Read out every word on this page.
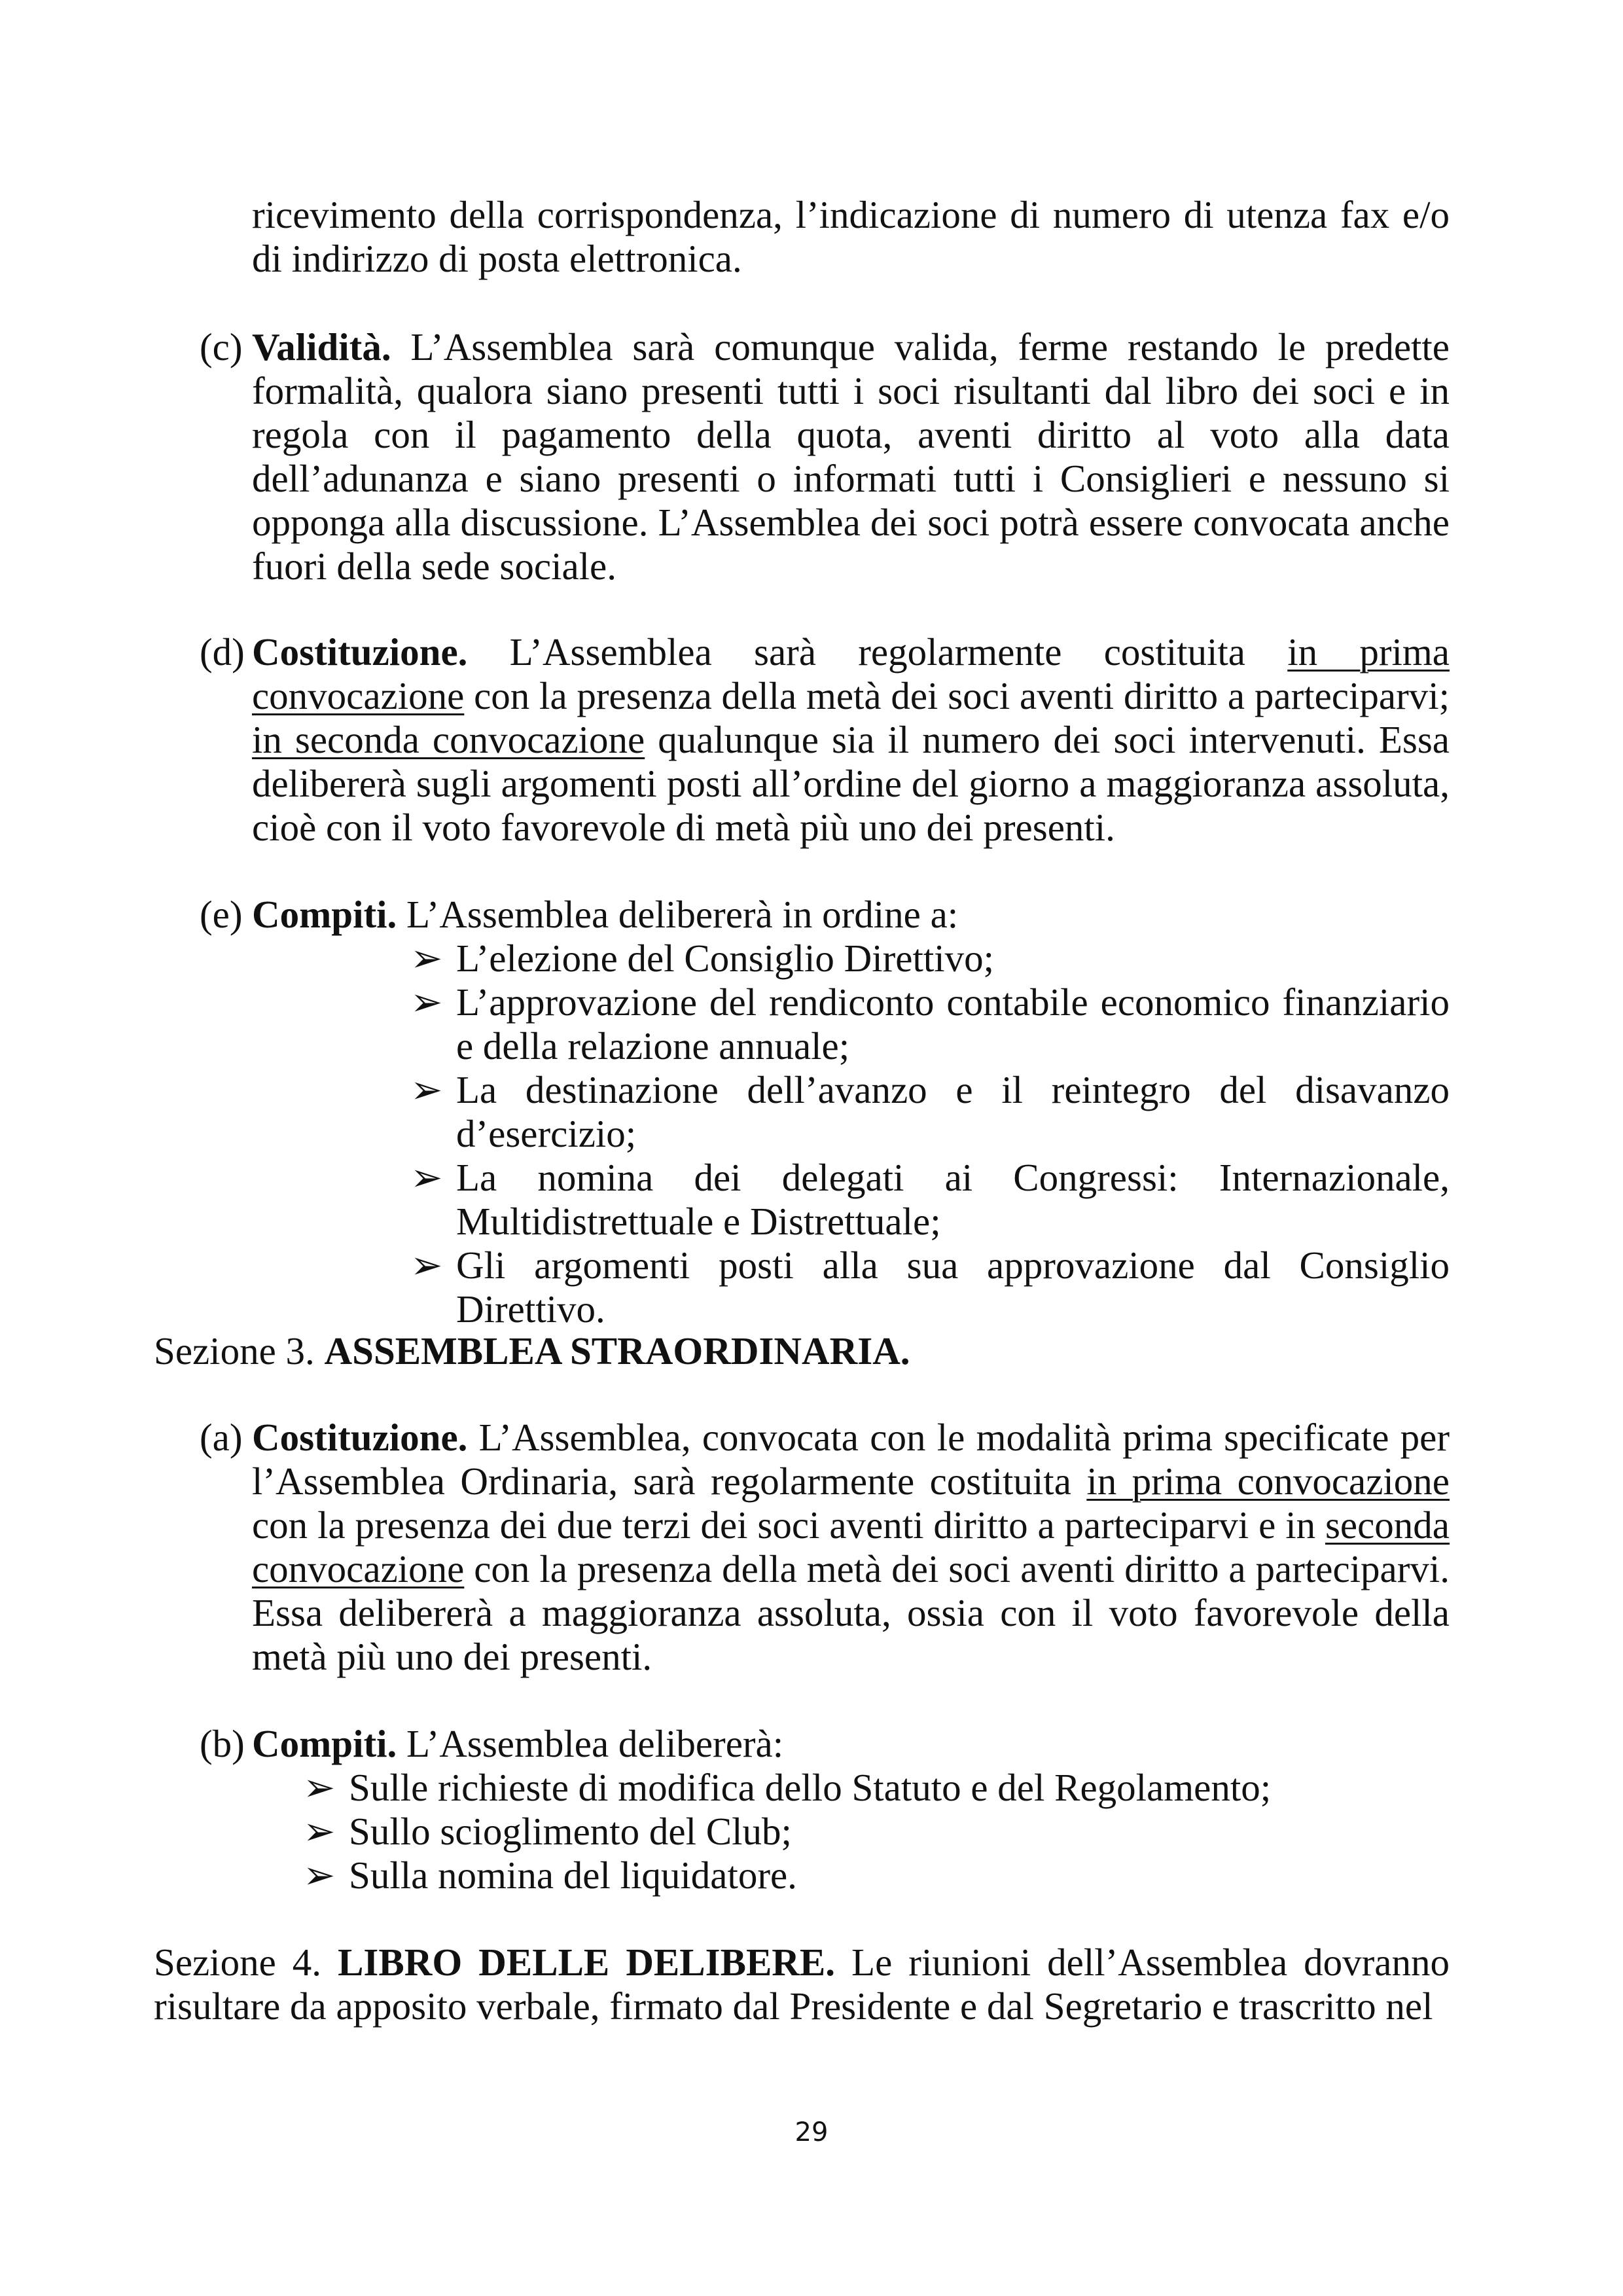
ricevimento della corrispondenza, l’indicazione di numero di utenza fax e/o di indirizzo di posta elettronica.

(c) Validità. L’Assemblea sarà comunque valida, ferme restando le predette formalità, qualora siano presenti tutti i soci risultanti dal libro dei soci e in regola con il pagamento della quota, aventi diritto al voto alla data dell’adunanza e siano presenti o informati tutti i Consiglieri e nessuno si opponga alla discussione. L’Assemblea dei soci potrà essere convocata anche fuori della sede sociale.

(d) Costituzione. L’Assemblea sarà regolarmente costituita in prima convocazione con la presenza della metà dei soci aventi diritto a parteciparvi; in seconda convocazione qualunque sia il numero dei soci intervenuti. Essa delibererà sugli argomenti posti all’ordine del giorno a maggioranza assoluta, cioè con il voto favorevole di metà più uno dei presenti.

(e) Compiti. L’Assemblea delibererà in ordine a:

➢ L’elezione del Consiglio Direttivo;
➢ L’approvazione del rendiconto contabile economico finanziario e della relazione annuale;
➢ La destinazione dell’avanzo e il reintegro del disavanzo d’esercizio;
➢ La nomina dei delegati ai Congressi: Internazionale, Multidistrettuale e Distrettuale;
➢ Gli argomenti posti alla sua approvazione dal Consiglio Direttivo.
Sezione 3. ASSEMBLEA STRAORDINARIA.
(a) Costituzione. L’Assemblea, convocata con le modalità prima specificate per l’Assemblea Ordinaria, sarà regolarmente costituita in prima convocazione con la presenza dei due terzi dei soci aventi diritto a parteciparvi e in seconda convocazione con la presenza della metà dei soci aventi diritto a parteciparvi. Essa delibererà a maggioranza assoluta, ossia con il voto favorevole della metà più uno dei presenti.

(b) Compiti. L’Assemblea delibererà:

➢ Sulle richieste di modifica dello Statuto e del Regolamento;
➢ Sullo scioglimento del Club;
➢ Sulla nomina del liquidatore.

Sezione 4. LIBRO DELLE DELIBERE. Le riunioni dell’Assemblea dovranno risultare da apposito verbale, firmato dal Presidente e dal Segretario e trascritto nel

29
